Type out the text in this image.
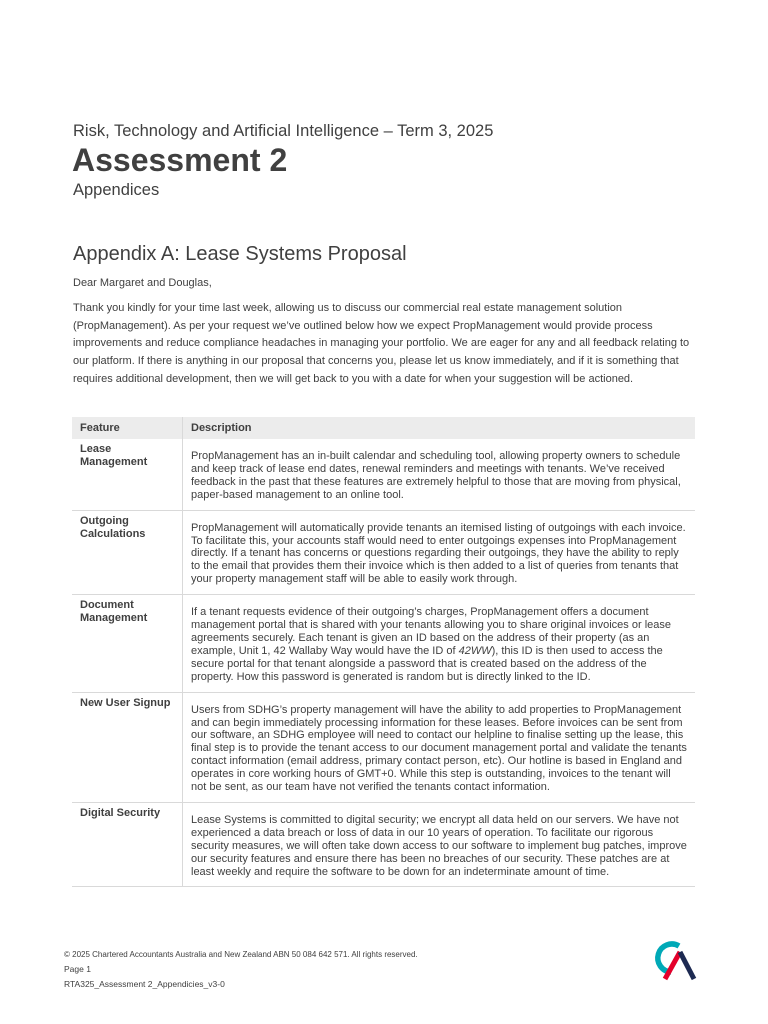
Risk, Technology and Artificial Intelligence – Term 3, 2025
Assessment 2
Appendices
Appendix A: Lease Systems Proposal
Dear Margaret and Douglas,
Thank you kindly for your time last week, allowing us to discuss our commercial real estate management solution (PropManagement). As per your request we’ve outlined below how we expect PropManagement would provide process improvements and reduce compliance headaches in managing your portfolio. We are eager for any and all feedback relating to our platform. If there is anything in our proposal that concerns you, please let us know immediately, and if it is something that requires additional development, then we will get back to you with a date for when your suggestion will be actioned.
Feature	Description
Lease Management	PropManagement has an in-built calendar and scheduling tool, allowing property owners to schedule and keep track of lease end dates, renewal reminders and meetings with tenants. We’ve received feedback in the past that these features are extremely helpful to those that are moving from physical, paper-based management to an online tool.
Outgoing Calculations	PropManagement will automatically provide tenants an itemised listing of outgoings with each invoice. To facilitate this, your accounts staff would need to enter outgoings expenses into PropManagement directly. If a tenant has concerns or questions regarding their outgoings, they have the ability to reply to the email that provides them their invoice which is then added to a list of queries from tenants that your property management staff will be able to easily work through.
Document Management	If a tenant requests evidence of their outgoing’s charges, PropManagement offers a document management portal that is shared with your tenants allowing you to share original invoices or lease agreements securely. Each tenant is given an ID based on the address of their property (as an example, Unit 1, 42 Wallaby Way would have the ID of 42WW), this ID is then used to access the secure portal for that tenant alongside a password that is created based on the address of the property. How this password is generated is random but is directly linked to the ID.
New User Signup	Users from SDHG’s property management will have the ability to add properties to PropManagement and can begin immediately processing information for these leases. Before invoices can be sent from our software, an SDHG employee will need to contact our helpline to finalise setting up the lease, this final step is to provide the tenant access to our document management portal and validate the tenants contact information (email address, primary contact person, etc). Our hotline is based in England and operates in core working hours of GMT+0. While this step is outstanding, invoices to the tenant will not be sent, as our team have not verified the tenants contact information.
Digital Security	Lease Systems is committed to digital security; we encrypt all data held on our servers. We have not experienced a data breach or loss of data in our 10 years of operation. To facilitate our rigorous security measures, we will often take down access to our software to implement bug patches, improve our security features and ensure there has been no breaches of our security. These patches are at least weekly and require the software to be down for an indeterminate amount of time.
© 2025 Chartered Accountants Australia and New Zealand ABN 50 084 642 571. All rights reserved.
Page 1
RTA325_Assessment 2_Appendicies_v3-0
